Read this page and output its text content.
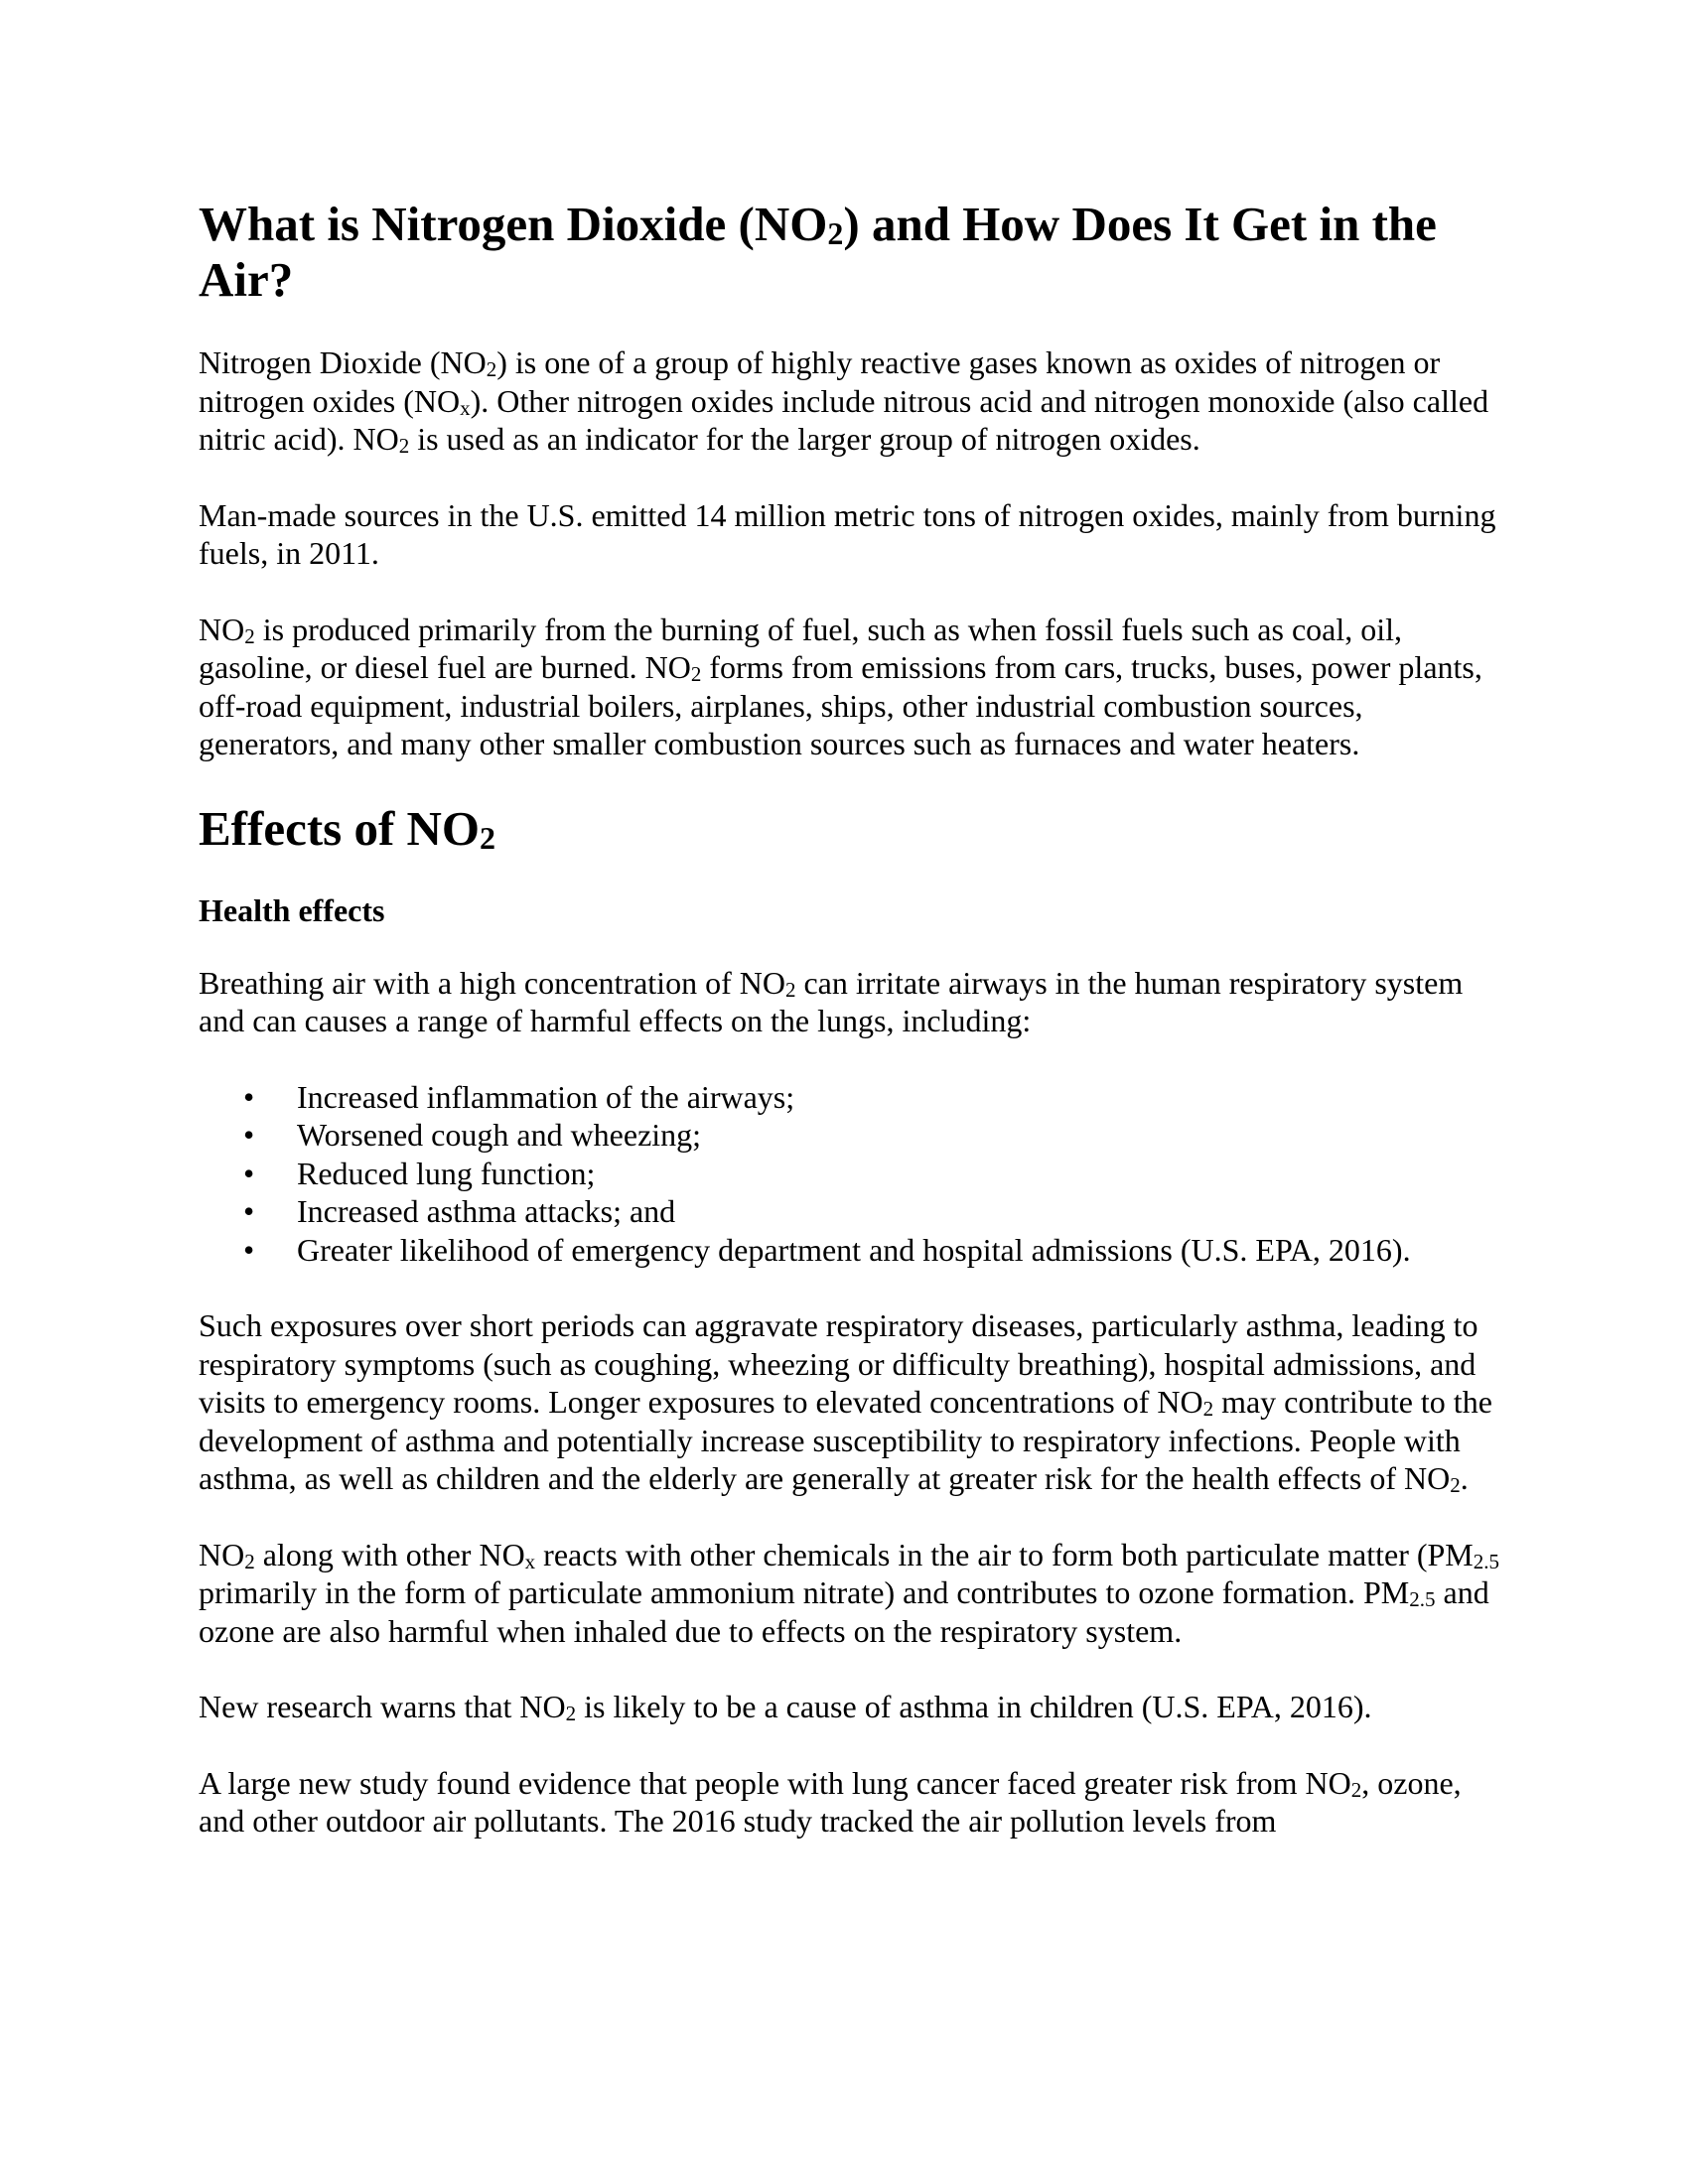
What is Nitrogen Dioxide $(NO_2)$ and How Does It Get in the Air?

Nitrogen Dioxide $(NO_2)$ is one of a group of highly reactive gases known as oxides of nitrogen or nitrogen oxides $(NO_x)$. Other nitrogen oxides include nitrous acid and nitrogen monoxide (also called nitric acid). $NO_2$ is used as an indicator for the larger group of nitrogen oxides.

Man-made sources in the U.S. emitted 14 million metric tons of nitrogen oxides, mainly from burning fuels, in 2011.

$NO_2$ is produced primarily from the burning of fuel, such as when fossil fuels such as coal, oil, gasoline, or diesel fuel are burned. $NO_2$ forms from emissions from cars, trucks, buses, power plants, off-road equipment, industrial boilers, airplanes, ships, other industrial combustion sources, generators, and many other smaller combustion sources such as furnaces and water heaters.

Effects of $NO_2$
Health effects

Breathing air with a high concentration of $NO_2$ can irritate airways in the human respiratory system and can causes a range of harmful effects on the lungs, including:

• Increased inflammation of the airways;
• Worsened cough and wheezing;
• Reduced lung function;
• Increased asthma attacks; and
• Greater likelihood of emergency department and hospital admissions (U.S. EPA, 2016).

Such exposures over short periods can aggravate respiratory diseases, particularly asthma, leading to respiratory symptoms (such as coughing, wheezing or difficulty breathing), hospital admissions, and visits to emergency rooms. Longer exposures to elevated concentrations of $NO_2$ may contribute to the development of asthma and potentially increase susceptibility to respiratory infections. People with asthma, as well as children and the elderly are generally at greater risk for the health effects of $NO_2$.

$NO_2$ along with other $NO_x$ reacts with other chemicals in the air to form both particulate matter ($PM_{2.5}$ primarily in the form of particulate ammonium nitrate) and contributes to ozone formation. $PM_{2.5}$ and ozone are also harmful when inhaled due to effects on the respiratory system.

New research warns that $NO_2$ is likely to be a cause of asthma in children (U.S. EPA, 2016).

A large new study found evidence that people with lung cancer faced greater risk from $NO_2$, ozone, and other outdoor air pollutants. The 2016 study tracked the air pollution levels from
